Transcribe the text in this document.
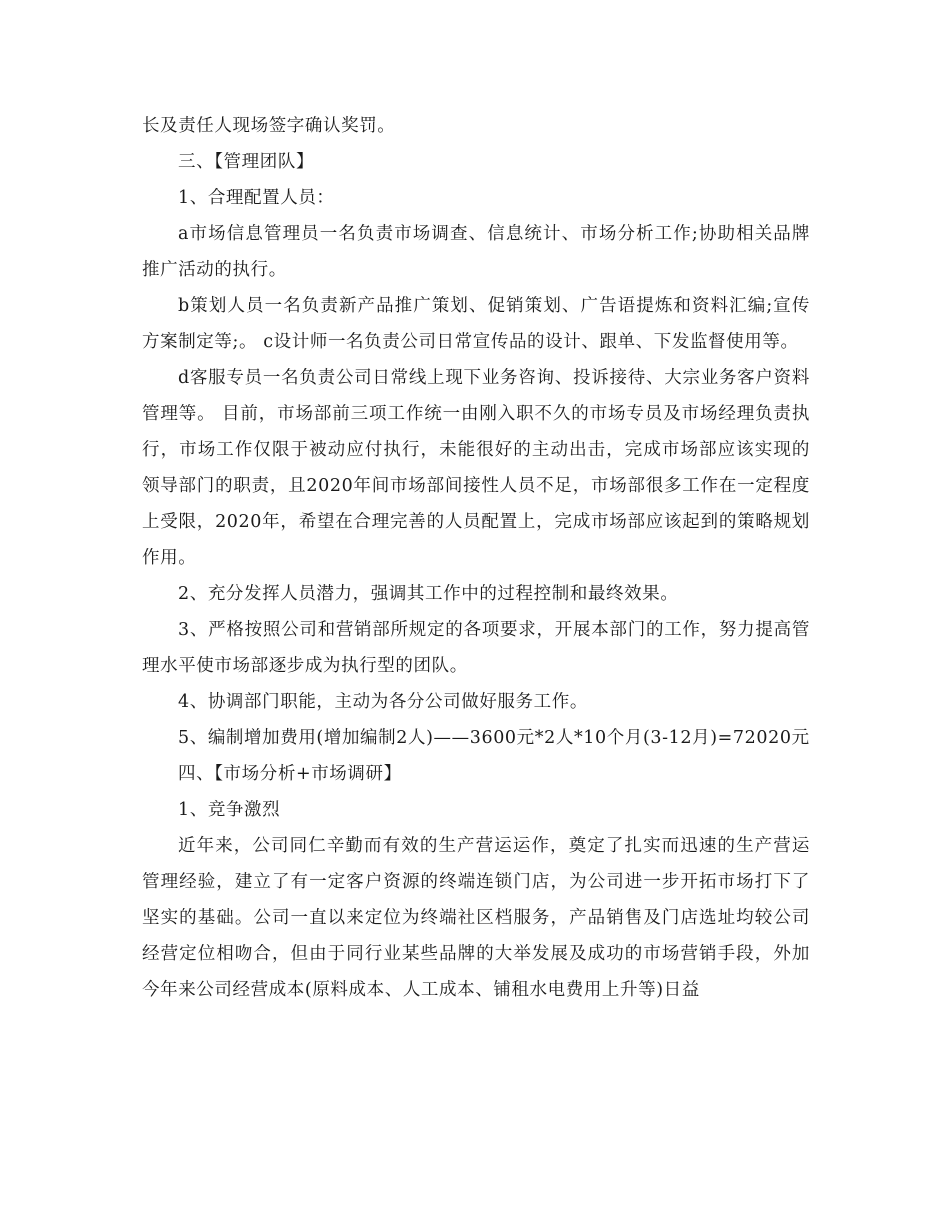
长及责任人现场签字确认奖罚。

三、【管理团队】

1、合理配置人员：

a市场信息管理员一名负责市场调查、信息统计、市场分析工作;协助相关品牌推广活动的执行。

b策划人员一名负责新产品推广策划、促销策划、广告语提炼和资料汇编;宣传方案制定等;。 c设计师一名负责公司日常宣传品的设计、跟单、下发监督使用等。

d客服专员一名负责公司日常线上现下业务咨询、投诉接待、大宗业务客户资料管理等。 目前，市场部前三项工作统一由刚入职不久的市场专员及市场经理负责执行，市场工作仅限于被动应付执行，未能很好的主动出击，完成市场部应该实现的领导部门的职责，且2020年间市场部间接性人员不足，市场部很多工作在一定程度上受限，2020年，希望在合理完善的人员配置上，完成市场部应该起到的策略规划作用。

2、充分发挥人员潜力，强调其工作中的过程控制和最终效果。

3、严格按照公司和营销部所规定的各项要求，开展本部门的工作，努力提高管理水平使市场部逐步成为执行型的团队。

4、协调部门职能，主动为各分公司做好服务工作。

5、编制增加费用(增加编制2人)——3600元*2人*10个月(3-12月)=72020元

四、【市场分析+市场调研】

1、竞争激烈

近年来，公司同仁辛勤而有效的生产营运运作，奠定了扎实而迅速的生产营运管理经验，建立了有一定客户资源的终端连锁门店，为公司进一步开拓市场打下了坚实的基础。公司一直以来定位为终端社区档服务，产品销售及门店选址均较公司经营定位相吻合，但由于同行业某些品牌的大举发展及成功的市场营销手段，外加今年来公司经营成本(原料成本、人工成本、铺租水电费用上升等)日益
